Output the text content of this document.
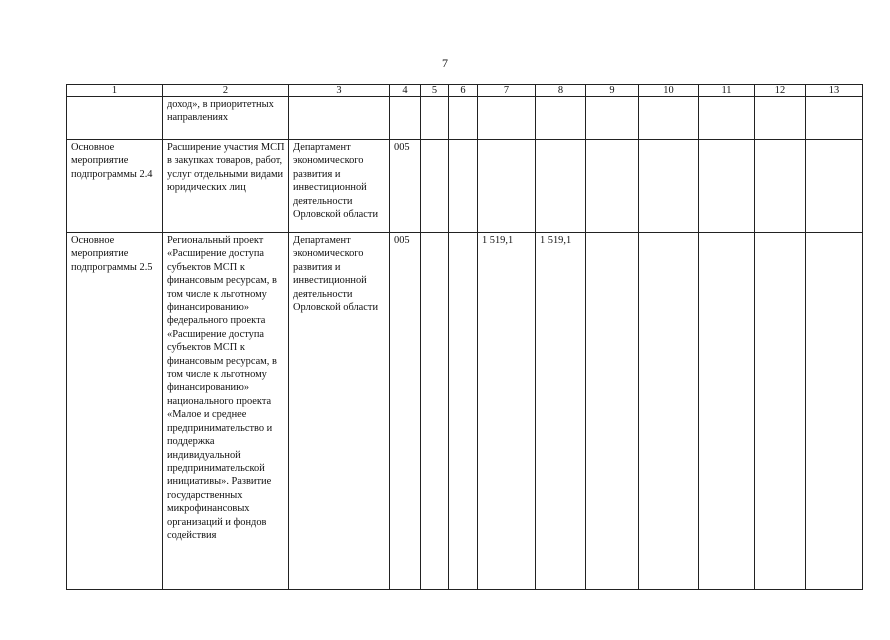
7
1	2	3	4	5	6	7	8	9	10	11	12	13
	доход», в приоритетных направлениях											
Основное мероприятие подпрограммы 2.4	Расширение участия МСП в закупках товаров, работ, услуг отдельными видами юридических лиц	Департамент экономического развития и инвестиционной деятельности Орловской области	005									
Основное мероприятие подпрограммы 2.5	Региональный проект «Расширение доступа субъектов МСП к финансовым ресурсам, в том числе к льготному финансированию» федерального проекта «Расширение доступа субъектов МСП к финансовым ресурсам, в том числе к льготному финансированию» национального проекта «Малое и среднее предпринимательство и поддержка индивидуальной предпринимательской инициативы». Развитие государственных микрофинансовых организаций и фондов содействия	Департамент экономического развития и инвестиционной деятельности Орловской области	005			1 519,1	1 519,1					
